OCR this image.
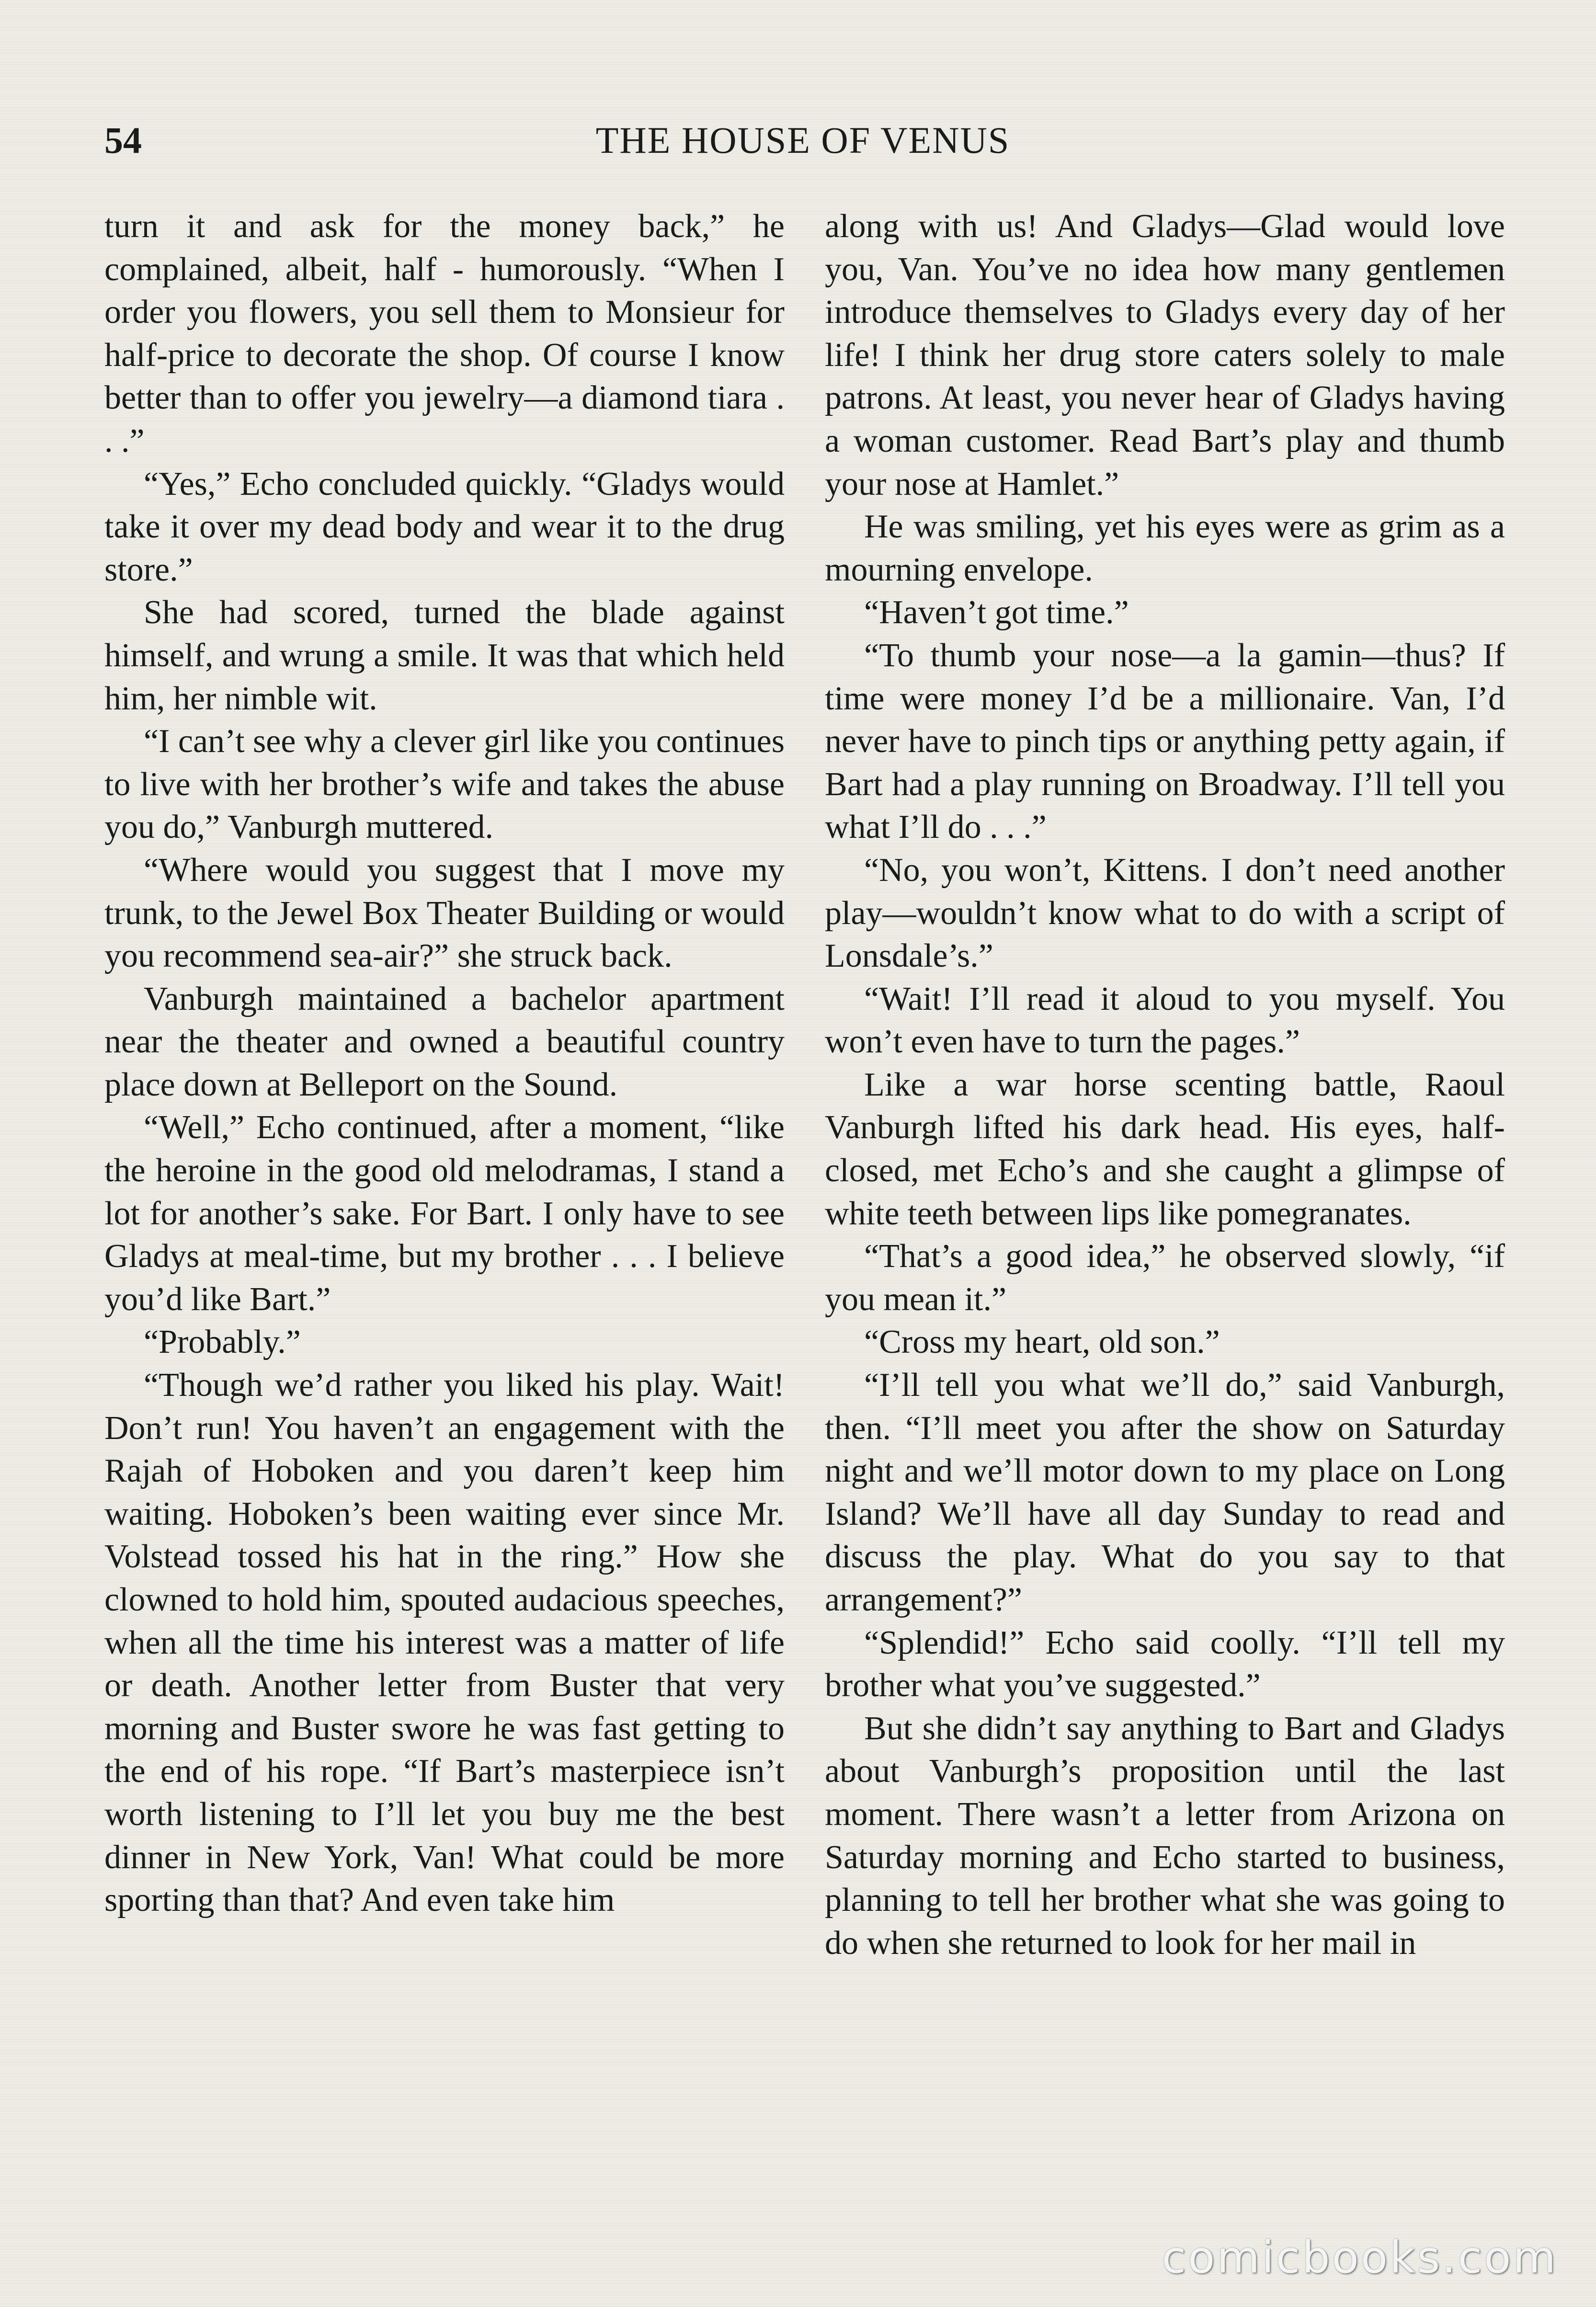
54	THE HOUSE OF VENUS

turn it and ask for the money back,” he complained, albeit, half - humorously. “When I order you flowers, you sell them to Monsieur for half-price to decorate the shop. Of course I know better than to offer you jewelry—a diamond tiara . . .”

“Yes,” Echo concluded quickly. “Gladys would take it over my dead body and wear it to the drug store.”

She had scored, turned the blade against himself, and wrung a smile. It was that which held him, her nimble wit.

“I can’t see why a clever girl like you continues to live with her brother’s wife and takes the abuse you do,” Vanburgh muttered.

“Where would you suggest that I move my trunk, to the Jewel Box Theater Building or would you recommend sea-air?” she struck back.

Vanburgh maintained a bachelor apartment near the theater and owned a beautiful country place down at Belleport on the Sound.

“Well,” Echo continued, after a moment, “like the heroine in the good old melodramas, I stand a lot for another’s sake. For Bart. I only have to see Gladys at meal-time, but my brother . . . I believe you’d like Bart.”

“Probably.”

“Though we’d rather you liked his play. Wait! Don’t run! You haven’t an engagement with the Rajah of Hoboken and you daren’t keep him waiting. Hoboken’s been waiting ever since Mr. Volstead tossed his hat in the ring.” How she clowned to hold him, spouted audacious speeches, when all the time his interest was a matter of life or death. Another letter from Buster that very morning and Buster swore he was fast getting to the end of his rope. “If Bart’s masterpiece isn’t worth listening to I’ll let you buy me the best dinner in New York, Van! What could be more sporting than that? And even take him

along with us! And Gladys—Glad would love you, Van. You’ve no idea how many gentlemen introduce themselves to Gladys every day of her life! I think her drug store caters solely to male patrons. At least, you never hear of Gladys having a woman customer. Read Bart’s play and thumb your nose at Hamlet.”

He was smiling, yet his eyes were as grim as a mourning envelope.

“Haven’t got time.”

“To thumb your nose—a la gamin—thus? If time were money I’d be a millionaire. Van, I’d never have to pinch tips or anything petty again, if Bart had a play running on Broadway. I’ll tell you what I’ll do . . .”

“No, you won’t, Kittens. I don’t need another play—wouldn’t know what to do with a script of Lonsdale’s.”

“Wait! I’ll read it aloud to you myself. You won’t even have to turn the pages.”

Like a war horse scenting battle, Raoul Vanburgh lifted his dark head. His eyes, half-closed, met Echo’s and she caught a glimpse of white teeth between lips like pomegranates.

“That’s a good idea,” he observed slowly, “if you mean it.”

“Cross my heart, old son.”

“I’ll tell you what we’ll do,” said Vanburgh, then. “I’ll meet you after the show on Saturday night and we’ll motor down to my place on Long Island? We’ll have all day Sunday to read and discuss the play. What do you say to that arrangement?”

“Splendid!” Echo said coolly. “I’ll tell my brother what you’ve suggested.”

But she didn’t say anything to Bart and Gladys about Vanburgh’s proposition until the last moment. There wasn’t a letter from Arizona on Saturday morning and Echo started to business, planning to tell her brother what she was going to do when she returned to look for her mail in

comicbooks.com
